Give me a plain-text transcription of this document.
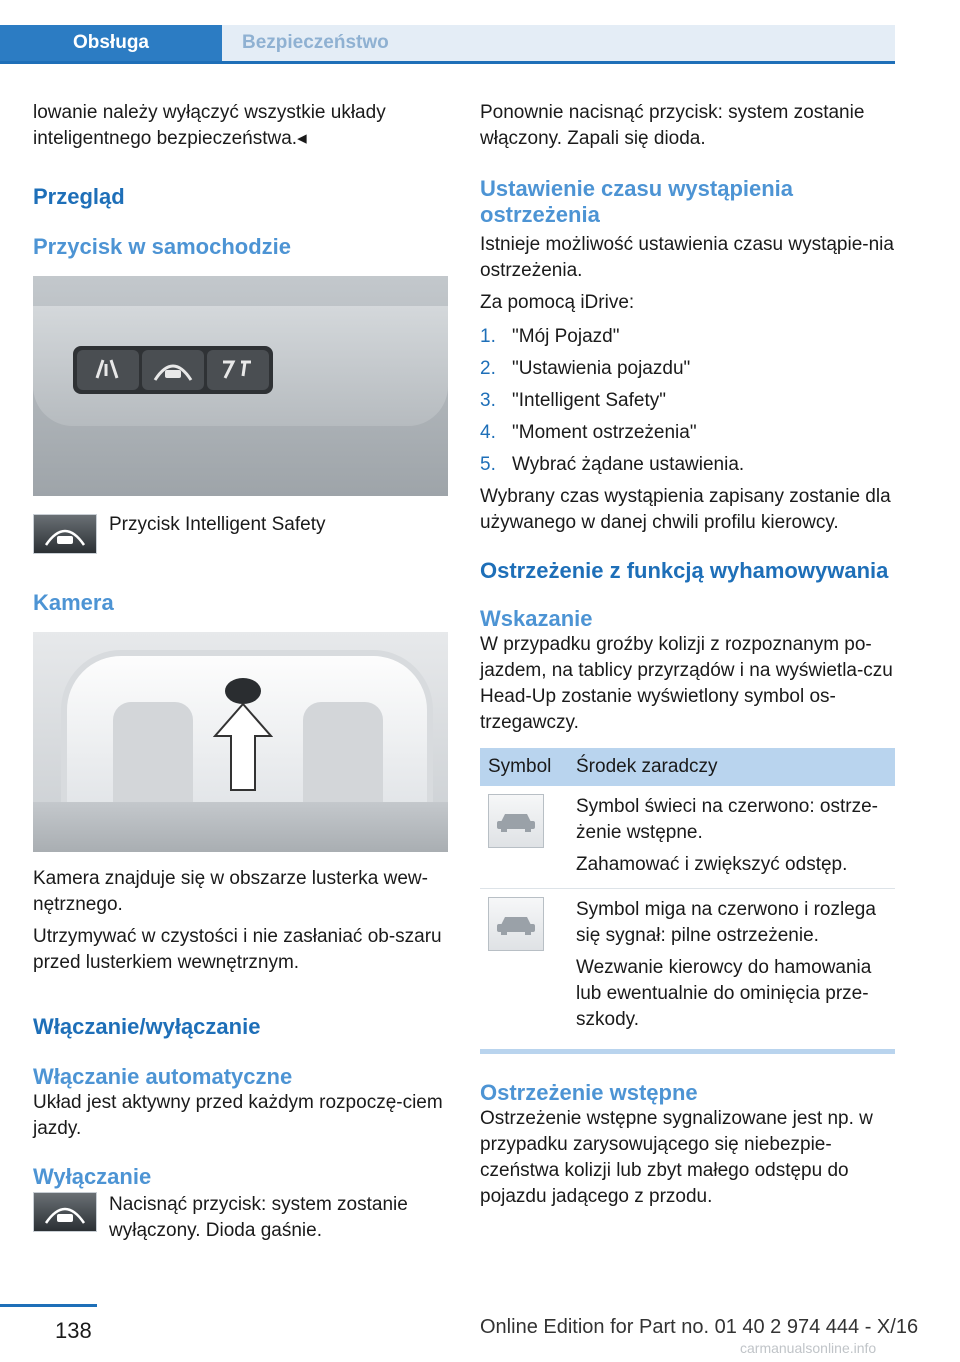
Obsługa	Bezpieczeństwo

lowanie należy wyłączyć wszystkie układy inteligentnego bezpieczeństwa.◂

Przegląd
Przycisk w samochodzie

Przycisk Intelligent Safety

Kamera

Kamera znajduje się w obszarze lusterka wew-nętrznego.

Utrzymywać w czystości i nie zasłaniać ob-szaru przed lusterkiem wewnętrznym.

Włączanie/wyłączanie
Włączanie automatyczne

Układ jest aktywny przed każdym rozpoczę-ciem jazdy.

Wyłączanie

Nacisnąć przycisk: system zostanie wyłączony. Dioda gaśnie.

Ponownie nacisnąć przycisk: system zostanie włączony. Zapali się dioda.

Ustawienie czasu wystąpienia ostrzeżenia

Istnieje możliwość ustawienia czasu wystąpie-nia ostrzeżenia.

Za pomocą iDrive:

1. "Mój Pojazd"
2. "Ustawienia pojazdu"
3. "Intelligent Safety"
4. "Moment ostrzeżenia"
5. Wybrać żądane ustawienia.

Wybrany czas wystąpienia zapisany zostanie dla używanego w danej chwili profilu kierowcy.

Ostrzeżenie z funkcją wyhamowywania
Wskazanie

W przypadku groźby kolizji z rozpoznanym po-jazdem, na tablicy przyrządów i na wyświetla-czu Head-Up zostanie wyświetlony symbol os-trzegawczy.

Symbol	Środek zaradczy

Symbol świeci na czerwono: ostrze-żenie wstępne.
Zahamować i zwiększyć odstęp.

Symbol miga na czerwono i rozlega się sygnał: pilne ostrzeżenie.
Wezwanie kierowcy do hamowania lub ewentualnie do ominięcia prze-szkody.
Ostrzeżenie wstępne

Ostrzeżenie wstępne sygnalizowane jest np. w przypadku zarysowującego się niebezpie-czeństwa kolizji lub zbyt małego odstępu do pojazdu jadącego z przodu.

138	Online Edition for Part no. 01 40 2 974 444 - X/16
carmanualsonline.info
